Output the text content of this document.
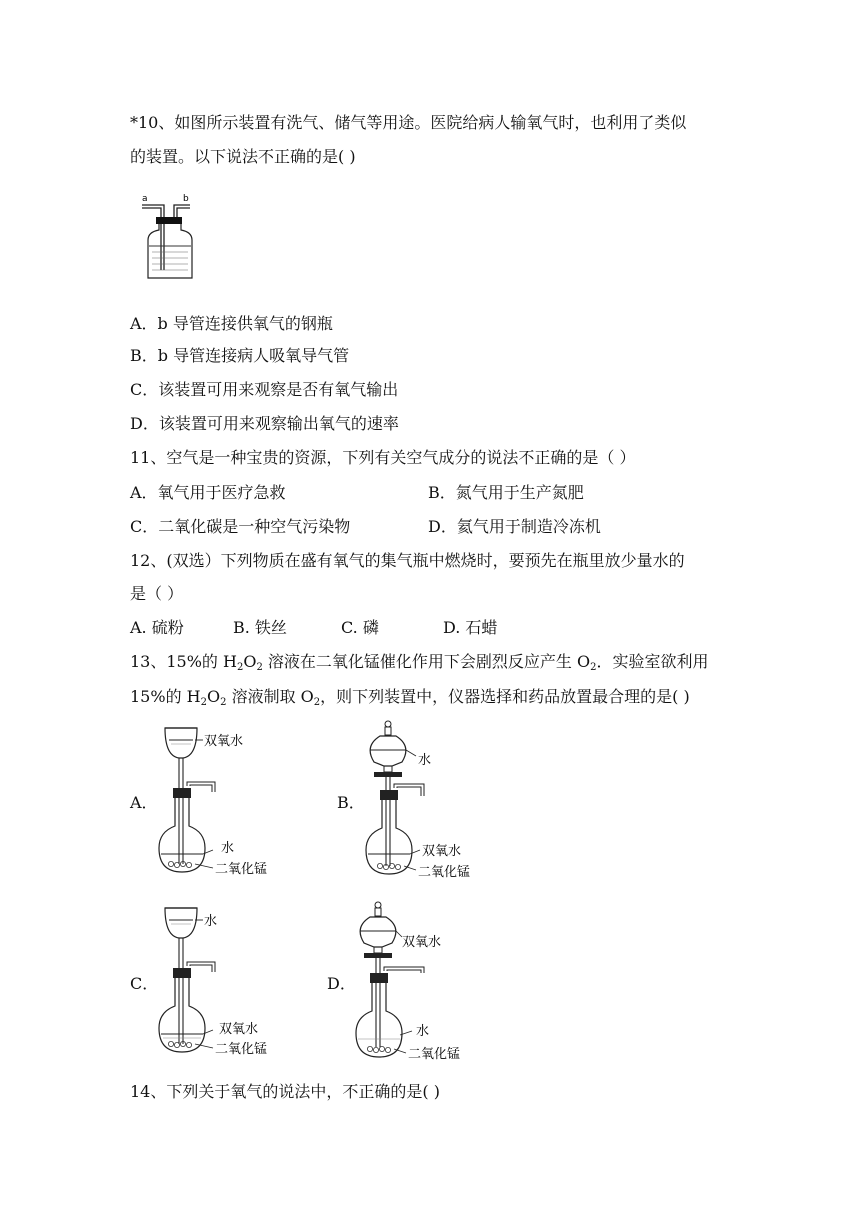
*10、如图所示装置有洗气、储气等用途。医院给病人输氧气时，也利用了类似
的装置。以下说法不正确的是( )
a	b
A．b 导管连接供氧气的钢瓶
B．b 导管连接病人吸氧导气管
C．该装置可用来观察是否有氧气输出
D．该装置可用来观察输出氧气的速率
11、空气是一种宝贵的资源，下列有关空气成分的说法不正确的是（ ）
A．氧气用于医疗急救	B．氮气用于生产氮肥
C．二氧化碳是一种空气污染物	D．氦气用于制造冷冻机
12、(双选）下列物质在盛有氧气的集气瓶中燃烧时，要预先在瓶里放少量水的
是（ ）
A. 硫粉	B. 铁丝	C. 磷	D. 石蜡
13、15%的 $H_2O_2$ 溶液在二氧化锰催化作用下会剧烈反应产生 $O_2$．实验室欲利用
15%的 $H_2O_2$ 溶液制取 $O_2$，则下列装置中，仪器选择和药品放置最合理的是( )
A．	B．
C．	D．
双氧水
水
二氧化锰
水
双氧水
二氧化锰
水
双氧水
二氧化锰
双氧水
水
二氧化锰
14、下列关于氧气的说法中，不正确的是( )
